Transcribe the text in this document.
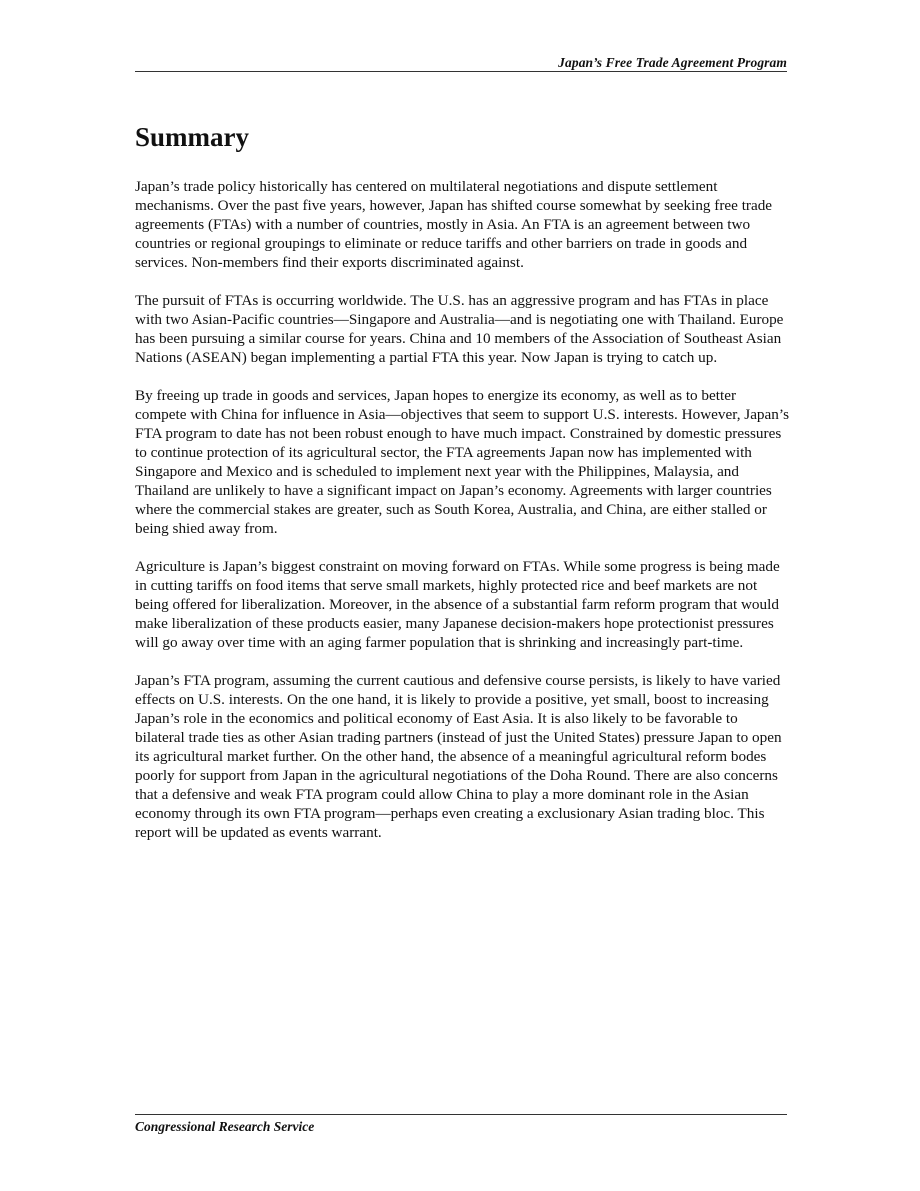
Japan’s Free Trade Agreement Program
Summary

Japan’s trade policy historically has centered on multilateral negotiations and dispute settlement mechanisms. Over the past five years, however, Japan has shifted course somewhat by seeking free trade agreements (FTAs) with a number of countries, mostly in Asia. An FTA is an agreement between two countries or regional groupings to eliminate or reduce tariffs and other barriers on trade in goods and services. Non-members find their exports discriminated against.

The pursuit of FTAs is occurring worldwide. The U.S. has an aggressive program and has FTAs in place with two Asian-Pacific countries—Singapore and Australia—and is negotiating one with Thailand. Europe has been pursuing a similar course for years. China and 10 members of the Association of Southeast Asian Nations (ASEAN) began implementing a partial FTA this year. Now Japan is trying to catch up.

By freeing up trade in goods and services, Japan hopes to energize its economy, as well as to better compete with China for influence in Asia—objectives that seem to support U.S. interests. However, Japan’s FTA program to date has not been robust enough to have much impact. Constrained by domestic pressures to continue protection of its agricultural sector, the FTA agreements Japan now has implemented with Singapore and Mexico and is scheduled to implement next year with the Philippines, Malaysia, and Thailand are unlikely to have a significant impact on Japan’s economy. Agreements with larger countries where the commercial stakes are greater, such as South Korea, Australia, and China, are either stalled or being shied away from.

Agriculture is Japan’s biggest constraint on moving forward on FTAs. While some progress is being made in cutting tariffs on food items that serve small markets, highly protected rice and beef markets are not being offered for liberalization. Moreover, in the absence of a substantial farm reform program that would make liberalization of these products easier, many Japanese decision-makers hope protectionist pressures will go away over time with an aging farmer population that is shrinking and increasingly part-time.

Japan’s FTA program, assuming the current cautious and defensive course persists, is likely to have varied effects on U.S. interests. On the one hand, it is likely to provide a positive, yet small, boost to increasing Japan’s role in the economics and political economy of East Asia. It is also likely to be favorable to bilateral trade ties as other Asian trading partners (instead of just the United States) pressure Japan to open its agricultural market further. On the other hand, the absence of a meaningful agricultural reform bodes poorly for support from Japan in the agricultural negotiations of the Doha Round. There are also concerns that a defensive and weak FTA program could allow China to play a more dominant role in the Asian economy through its own FTA program—perhaps even creating a exclusionary Asian trading bloc. This report will be updated as events warrant.

Congressional Research Service
